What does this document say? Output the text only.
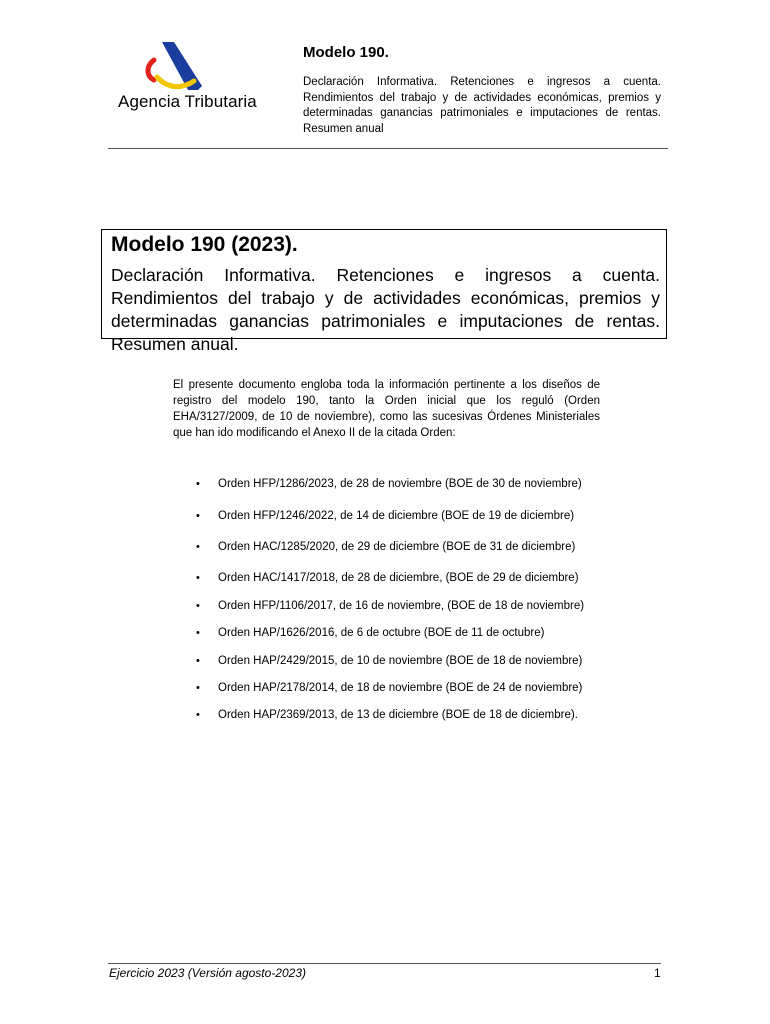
Agencia Tributaria
Modelo 190.
Declaración Informativa. Retenciones e ingresos a cuenta. Rendimientos del trabajo y de actividades económicas, premios y determinadas ganancias patrimoniales e imputaciones de rentas. Resumen anual
Modelo 190 (2023).
Declaración Informativa. Retenciones e ingresos a cuenta. Rendimientos del trabajo y de actividades económicas, premios y determinadas ganancias patrimoniales e imputaciones de rentas. Resumen anual.
El presente documento engloba toda la información pertinente a los diseños de registro del modelo 190, tanto la Orden inicial que los reguló (Orden EHA/3127/2009, de 10 de noviembre), como las sucesivas Órdenes Ministeriales que han ido modificando el Anexo II de la citada Orden:
• Orden HFP/1286/2023, de 28 de noviembre (BOE de 30 de noviembre)
• Orden HFP/1246/2022, de 14 de diciembre (BOE de 19 de diciembre)
• Orden HAC/1285/2020, de 29 de diciembre (BOE de 31 de diciembre)
• Orden HAC/1417/2018, de 28 de diciembre, (BOE de 29 de diciembre)
• Orden HFP/1106/2017, de 16 de noviembre, (BOE de 18 de noviembre)
• Orden HAP/1626/2016, de 6 de octubre (BOE de 11 de octubre)
• Orden HAP/2429/2015, de 10 de noviembre (BOE de 18 de noviembre)
• Orden HAP/2178/2014, de 18 de noviembre (BOE de 24 de noviembre)
• Orden HAP/2369/2013, de 13 de diciembre (BOE de 18 de diciembre).
Ejercicio 2023 (Versión agosto-2023)	1
